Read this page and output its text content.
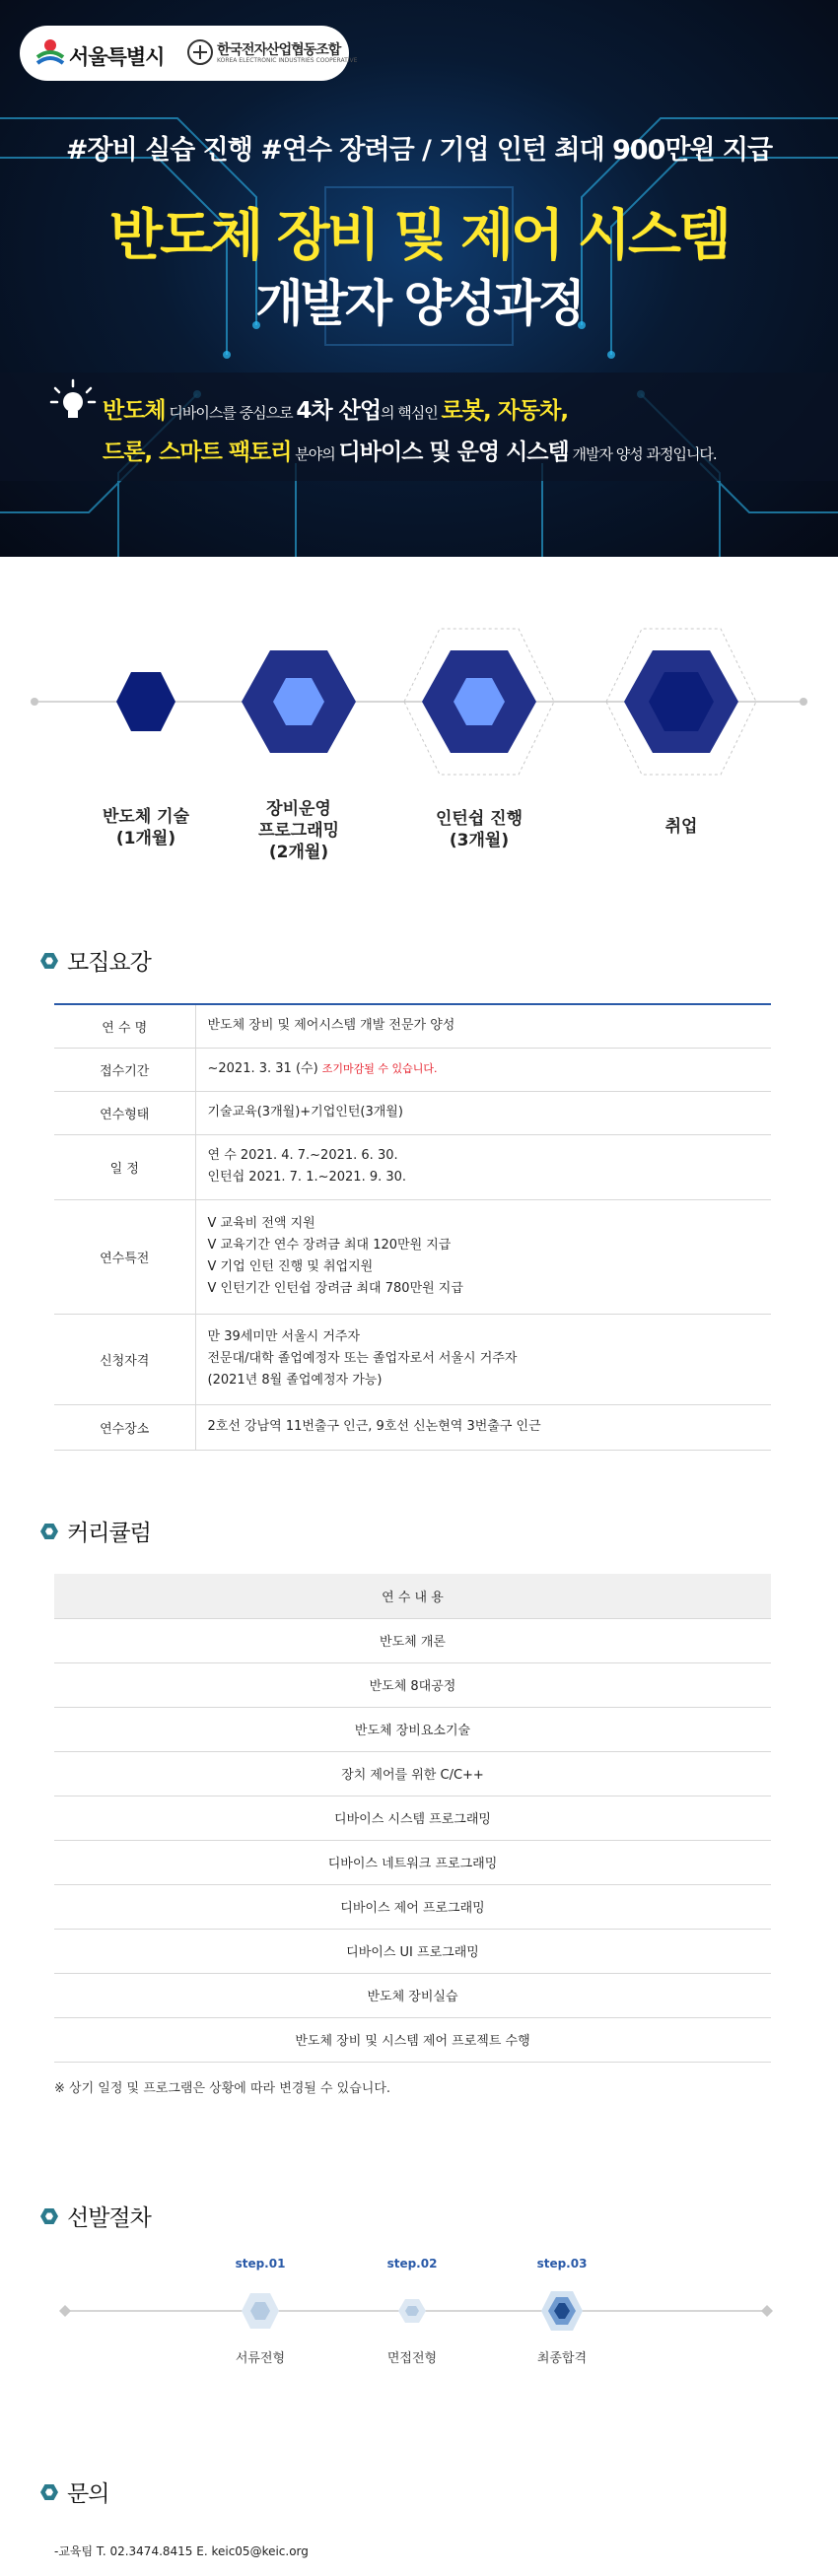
서울특별시	한국전자산업협동조합
KOREA ELECTRONIC INDUSTRIES COOPERATIVE
#장비 실습 진행 #연수 장려금 / 기업 인턴 최대 900만원 지급
반도체 장비 및 제어 시스템
개발자 양성과정
반도체 디바이스를 중심으로 4차 산업의 핵심인 로봇, 자동차,
드론, 스마트 팩토리 분야의 디바이스 및 운영 시스템 개발자 양성 과정입니다.
반도체 기술
(1개월)
장비운영
프로그래밍
(2개월)
인턴쉽 진행
(3개월)
취업
모집요강
연 수 명	반도체 장비 및 제어시스템 개발 전문가 양성
접수기간	~2021. 3. 31 (수) 조기마감될 수 있습니다.
연수형태	기술교육(3개월)+기업인턴(3개월)
일 정	연 수 2021. 4. 7.~2021. 6. 30.
인턴쉽 2021. 7. 1.~2021. 9. 30.

연수특전	V 교육비 전액 지원
V 교육기간 연수 장려금 최대 120만원 지급
V 기업 인턴 진행 및 취업지원
V 인턴기간 인턴쉽 장려금 최대 780만원 지급

신청자격	만 39세미만 서울시 거주자
전문대/대학 졸업예정자 또는 졸업자로서 서울시 거주자
(2021년 8월 졸업예정자 가능)

연수장소	2호선 강남역 11번출구 인근, 9호선 신논현역 3번출구 인근
커리큘럼
연 수 내 용
반도체 개론
반도체 8대공정
반도체 장비요소기술
장치 제어를 위한 C/C++
디바이스 시스템 프로그래밍
디바이스 네트워크 프로그래밍
디바이스 제어 프로그래밍
디바이스 UI 프로그래밍
반도체 장비실습
반도체 장비 및 시스템 제어 프로젝트 수행
※ 상기 일정 및 프로그램은 상황에 따라 변경될 수 있습니다.
선발절차
step.01	step.02	step.03
서류전형	면접전형	최종합격
문의
-교육팀 T. 02.3474.8415 E. keic05@keic.org
